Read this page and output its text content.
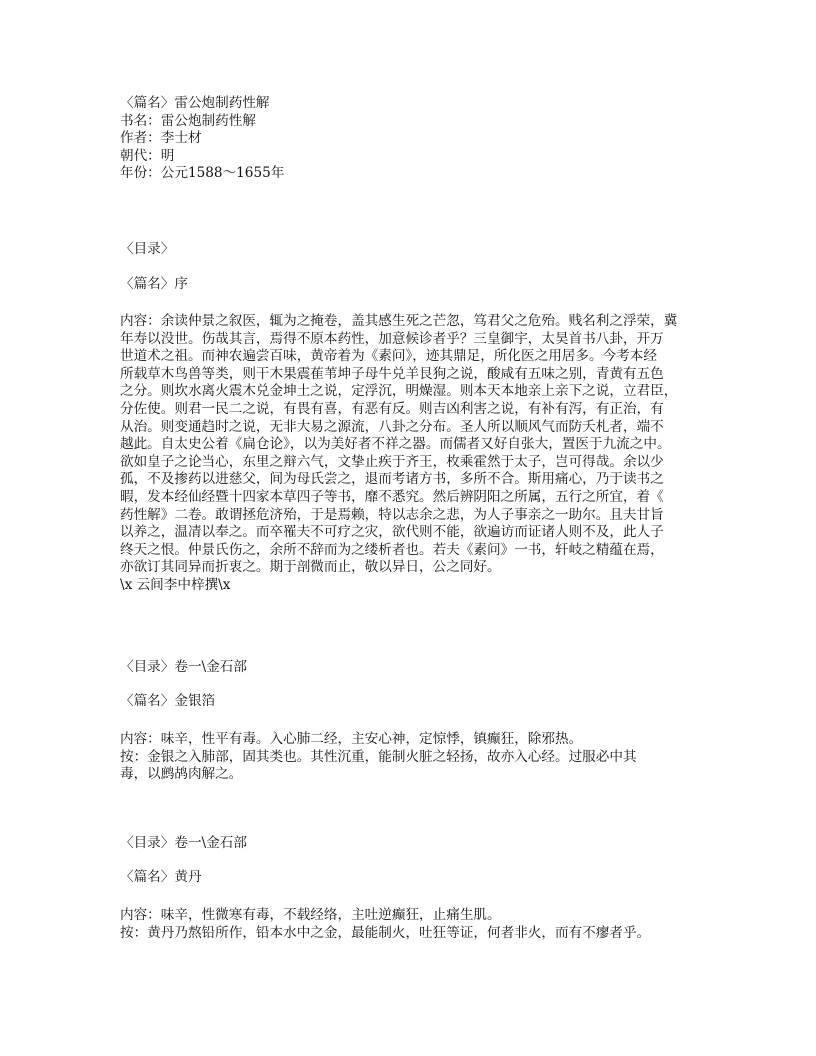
〈篇名〉雷公炮制药性解
书名：雷公炮制药性解
作者：李士材
朝代：明
年份：公元1588～1655年
〈目录〉
〈篇名〉序
内容：余读仲景之叙医，辄为之掩卷，盖其感生死之芒忽，笃君父之危殆。贱名利之浮荣，冀
年寿以没世。伤哉其言，焉得不原本药性，加意候诊者乎？三皇御宇，太昊首书八卦，开万
世道术之祖。而神农遍尝百味，黄帝着为《素问》，迹其鼎足，所化医之用居多。今考本经
所载草木鸟兽等类，则干木果震萑苇坤子母牛兑羊艮狗之说，酸咸有五味之别，青黄有五色
之分。则坎水离火震木兑金坤土之说，定浮沉，明燥湿。则本天本地亲上亲下之说，立君臣，
分佐使。则君一民二之说，有畏有喜，有恶有反。则吉凶利害之说，有补有泻，有正治，有
从治。则变通趋时之说，无非大易之源流，八卦之分布。圣人所以顺风气而防夭札者，端不
越此。自太史公着《扁仓论》，以为美好者不祥之器。而儒者又好自张大，置医于九流之中。
欲如皇子之论当心，东里之辩六气，文挚止疾于齐王，枚乘霍然于太子，岂可得哉。余以少
孤，不及掺药以进慈父，间为母氏尝之，退而考诸方书，多所不合。斯用痛心，乃于读书之
暇，发本经仙经暨十四家本草四子等书，靡不悉究。然后辨阴阳之所属，五行之所宜，着《
药性解》二卷。敢谓拯危济殆，于是焉赖，特以志余之悲，为人子事亲之一助尔。且夫甘旨
以养之，温凊以奉之。而卒罹夫不可疗之灾，欲代则不能，欲遍访而证诸人则不及，此人子
终天之恨。仲景氏伤之，余所不辞而为之缕析者也。若夫《素问》一书，轩岐之精蕴在焉，
亦欲订其同异而折衷之。期于剖微而止，敬以异日，公之同好。
\x 云间李中梓撰\x
〈目录〉卷一\金石部
〈篇名〉金银箔
内容：味辛，性平有毒。入心肺二经，主安心神，定惊悸，镇癫狂，除邪热。
按：金银之入肺部，固其类也。其性沉重，能制火脏之轻扬，故亦入心经。过服必中其
毒，以鹧鸪肉解之。
〈目录〉卷一\金石部
〈篇名〉黄丹
内容：味辛，性微寒有毒，不载经络，主吐逆癫狂，止痛生肌。
按：黄丹乃熬铅所作，铅本水中之金，最能制火，吐狂等证，何者非火，而有不瘳者乎。
